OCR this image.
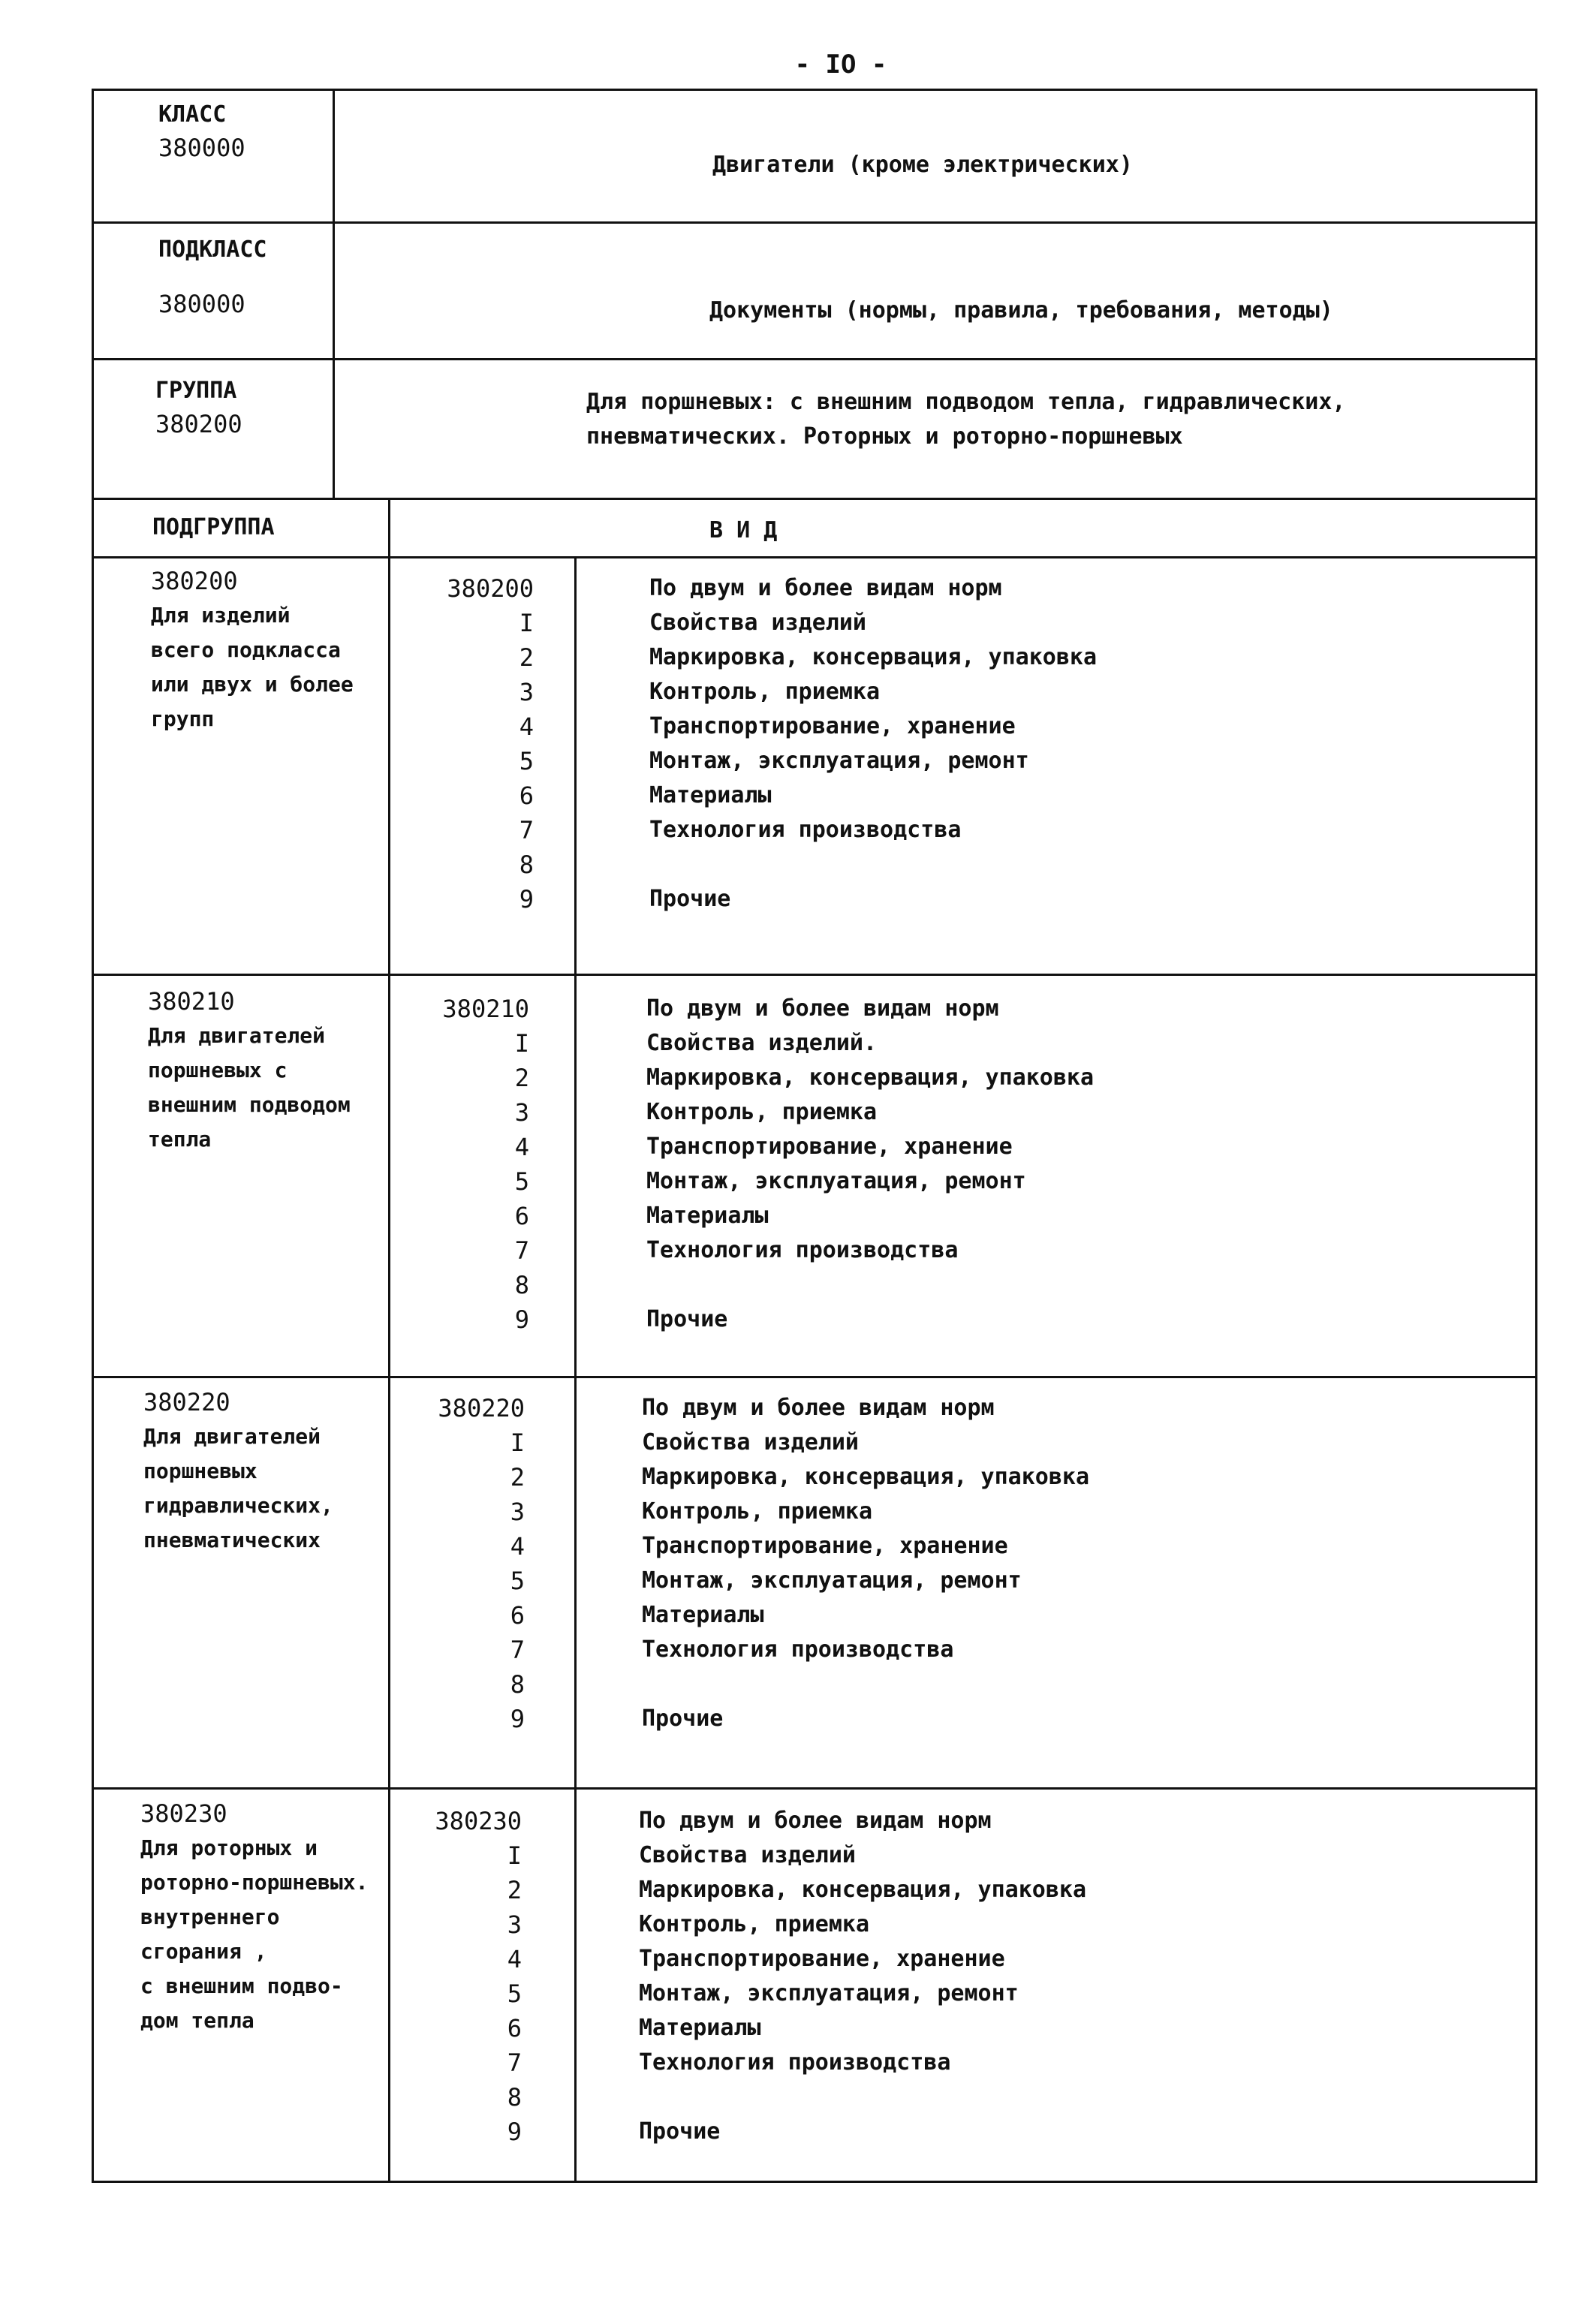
- IO -
КЛАСС
380000
Двигатели (кроме электрических)
ПОДКЛАСС
380000	Документы (нормы, правила, требования, методы)
ГРУППА
380200
Для поршневых: с внешним подводом тепла, гидравлических,
пневматических. Роторных и роторно-поршневых
ПОДГРУППА	В И Д
380200
Для изделий
всего подкласса
или двух и более
групп
380200
I
2
3
4
5
6
7
8
9
По двум и более видам норм
Свойства изделий
Маркировка, консервация, упаковка
Контроль, приемка
Транспортирование, хранение
Монтаж, эксплуатация, ремонт
Материалы
Технология производства
Прочие
380210
Для двигателей
поршневых с
внешним подводом
тепла
380210
I
2
3
4
5
6
7
8
9
По двум и более видам норм
Свойства изделий.
Маркировка, консервация, упаковка
Контроль, приемка
Транспортирование, хранение
Монтаж, эксплуатация, ремонт
Материалы
Технология производства
Прочие
380220
Для двигателей
поршневых
гидравлических,
пневматических
380220
I
2
3
4
5
6
7
8
9
По двум и более видам норм
Свойства изделий
Маркировка, консервация, упаковка
Контроль, приемка
Транспортирование, хранение
Монтаж, эксплуатация, ремонт
Материалы
Технология производства
Прочие
380230
Для роторных и
роторно-поршневых.
внутреннего
сгорания ,
с внешним подво-
дом тепла
380230
I
2
3
4
5
6
7
8
9
По двум и более видам норм
Свойства изделий
Маркировка, консервация, упаковка
Контроль, приемка
Транспортирование, хранение
Монтаж, эксплуатация, ремонт
Материалы
Технология производства
Прочие
